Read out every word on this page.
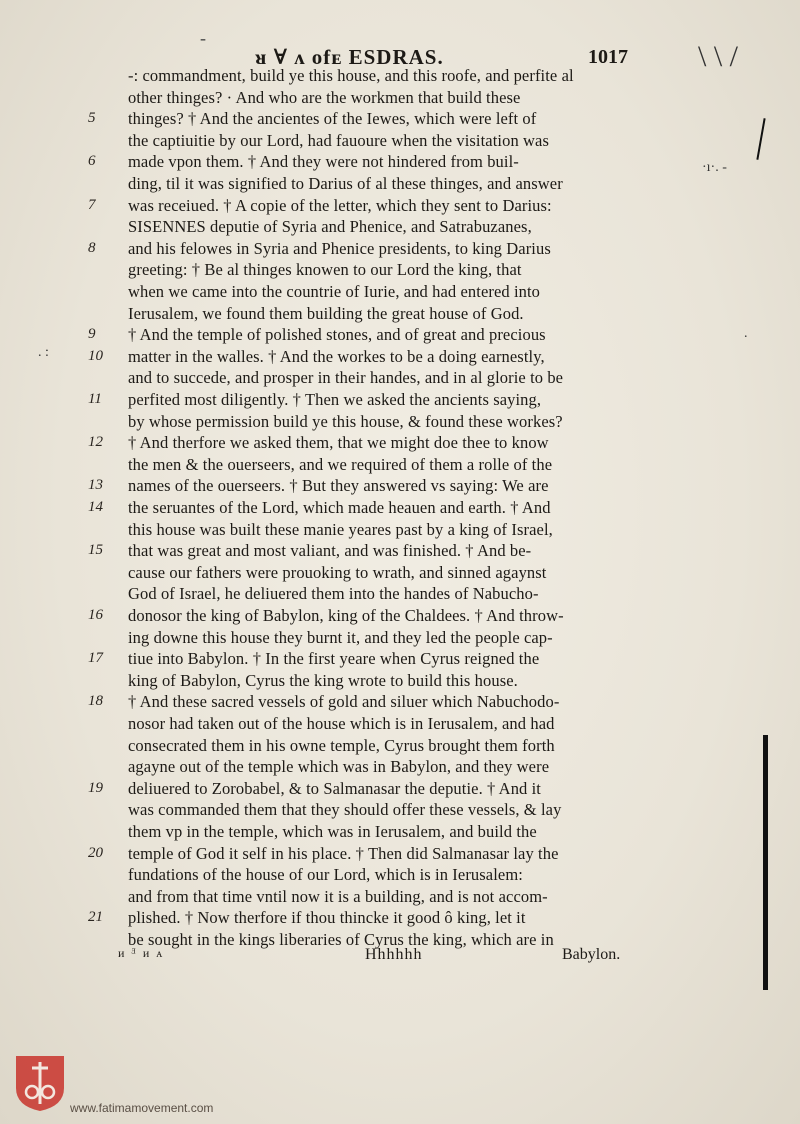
-
ᴚ ∀ ᴧ ofᴇ ESDRAS.	1017 \ \ /
·ı·. -
. :
.
-: commandment, build ye this house, and this roofe, and perfite al
other thinges? · And who are the workmen that build these
thinges? † And the ancientes of the Iewes, which were left of
the captiuitie by our Lord, had fauoure when the visitation was
made vpon them. † And they were not hindered from buil-
ding, til it was signified to Darius of al these thinges, and answer
was receiued. † A copie of the letter, which they sent to Darius:
SISENNES deputie of Syria and Phenice, and Satrabuzanes,
and his felowes in Syria and Phenice presidents, to king Darius
greeting: † Be al thinges knowen to our Lord the king, that
when we came into the countrie of Iurie, and had entered into
Ierusalem, we found them building the great house of God.
† And the temple of polished stones, and of great and precious
matter in the walles. † And the workes to be a doing earnestly,
and to succede, and prosper in their handes, and in al glorie to be
perfited most diligently. † Then we asked the ancients saying,
by whose permission build ye this house, & found these workes?
† And therfore we asked them, that we might doe thee to know
the men & the ouerseers, and we required of them a rolle of the
names of the ouerseers. † But they answered vs saying: We are
the seruantes of the Lord, which made heauen and earth. † And
this house was built these manie yeares past by a king of Israel,
that was great and most valiant, and was finished. † And be-
cause our fathers were prouoking to wrath, and sinned agaynst
God of Israel, he deliuered them into the handes of Nabucho-
donosor the king of Babylon, king of the Chaldees. † And throw-
ing downe this house they burnt it, and they led the people cap-
tiue into Babylon. † In the first yeare when Cyrus reigned the
king of Babylon, Cyrus the king wrote to build this house.
† And these sacred vessels of gold and siluer which Nabuchodo-
nosor had taken out of the house which is in Ierusalem, and had
consecrated them in his owne temple, Cyrus brought them forth
agayne out of the temple which was in Babylon, and they were
deliuered to Zorobabel, & to Salmanasar the deputie. † And it
was commanded them that they should offer these vessels, & lay
them vp in the temple, which was in Ierusalem, and build the
temple of God it self in his place. † Then did Salmanasar lay the
fundations of the house of our Lord, which is in Ierusalem:
and from that time vntil now it is a building, and is not accom-
plished. † Now therfore if thou thincke it good ô king, let it
be sought in the kings liberaries of Cyrus the king, which are in
5
6
7
8
9
10
11
12
13
14
15
16
17
18
19
20
21
ᴎ ᴲ ᴎ ᴀ	Hhhhhh	Babylon.
www.fatimamovement.com
